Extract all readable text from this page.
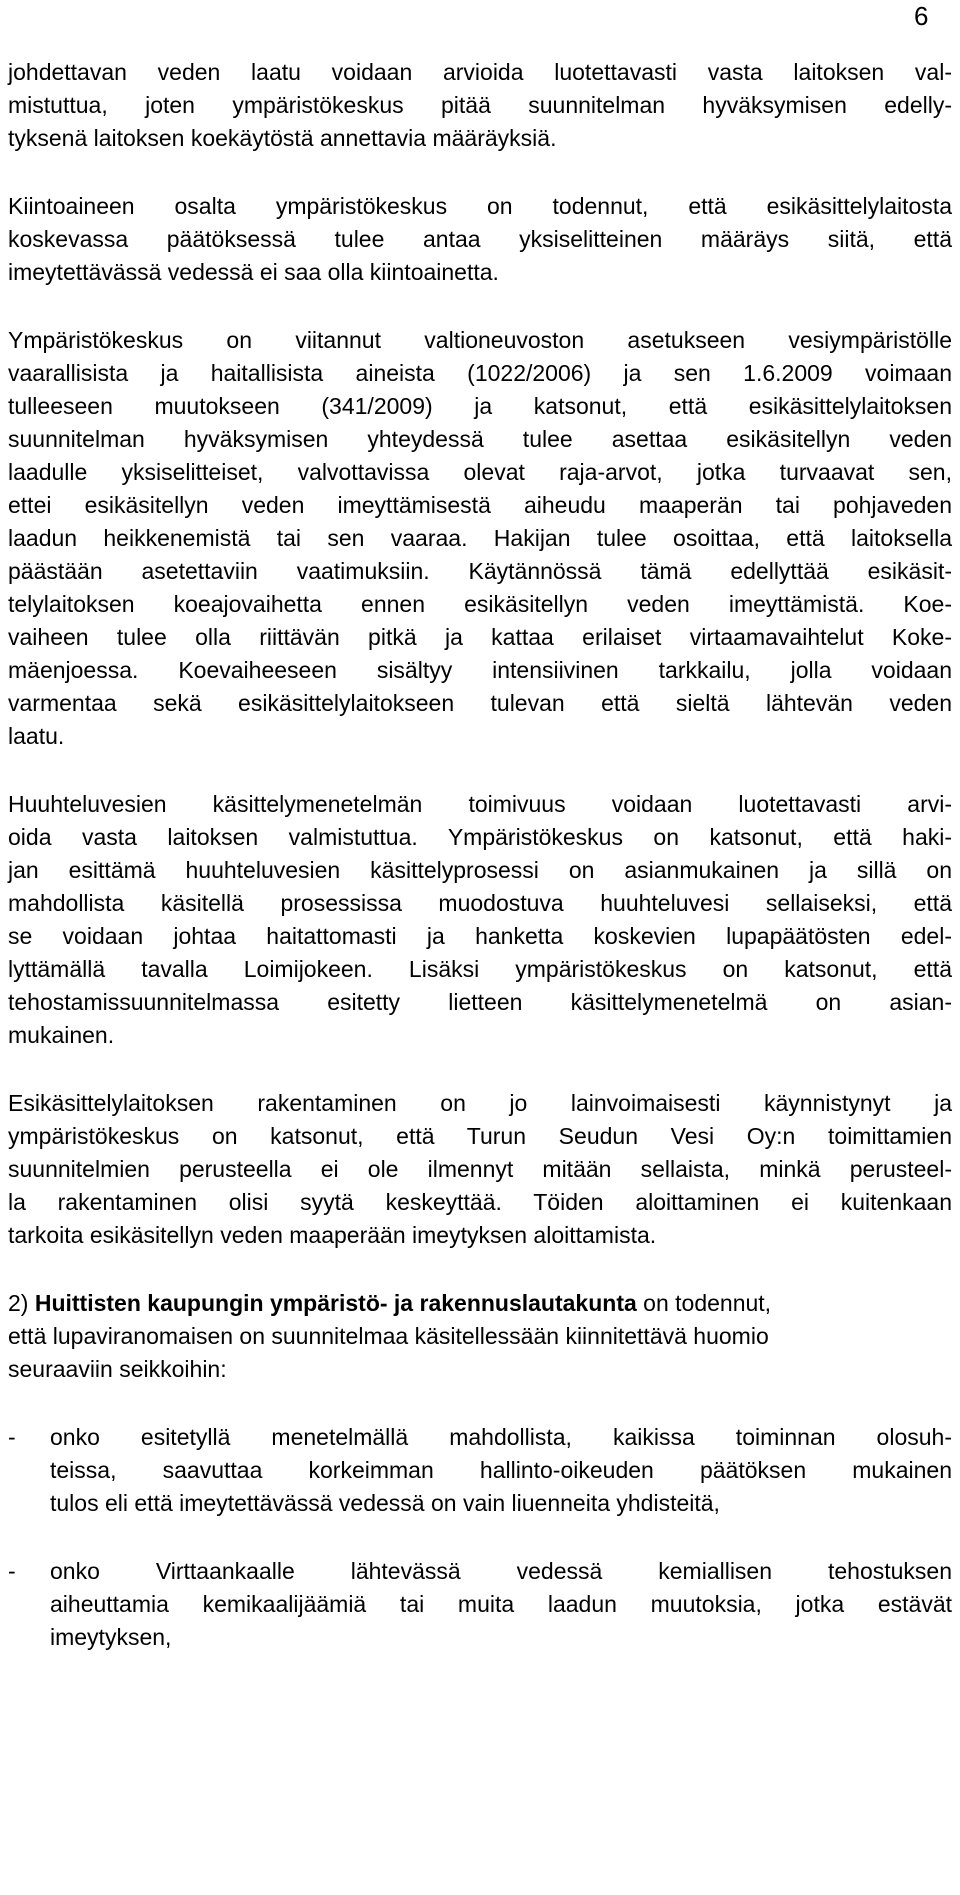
6

johdettavan veden laatu voidaan arvioida luotettavasti vasta laitoksen val-
mistuttua, joten ympäristökeskus pitää suunnitelman hyväksymisen edelly-
tyksenä laitoksen koekäytöstä annettavia määräyksiä.

Kiintoaineen osalta ympäristökeskus on todennut, että esikäsittelylaitosta
koskevassa päätöksessä tulee antaa yksiselitteinen määräys siitä, että
imeytettävässä vedessä ei saa olla kiintoainetta.

Ympäristökeskus on viitannut valtioneuvoston asetukseen vesiympäristölle
vaarallisista ja haitallisista aineista (1022/2006) ja sen 1.6.2009 voimaan
tulleeseen muutokseen (341/2009) ja katsonut, että esikäsittelylaitoksen
suunnitelman hyväksymisen yhteydessä tulee asettaa esikäsitellyn veden
laadulle yksiselitteiset, valvottavissa olevat raja-arvot, jotka turvaavat sen,
ettei esikäsitellyn veden imeyttämisestä aiheudu maaperän tai pohjaveden
laadun heikkenemistä tai sen vaaraa. Hakijan tulee osoittaa, että laitoksella
päästään asetettaviin vaatimuksiin. Käytännössä tämä edellyttää esikäsit-
telylaitoksen koeajovaihetta ennen esikäsitellyn veden imeyttämistä. Koe-
vaiheen tulee olla riittävän pitkä ja kattaa erilaiset virtaamavaihtelut Koke-
mäenjoessa. Koevaiheeseen sisältyy intensiivinen tarkkailu, jolla voidaan
varmentaa sekä esikäsittelylaitokseen tulevan että sieltä lähtevän veden
laatu.

Huuhteluvesien käsittelymenetelmän toimivuus voidaan luotettavasti arvi-
oida vasta laitoksen valmistuttua. Ympäristökeskus on katsonut, että haki-
jan esittämä huuhteluvesien käsittelyprosessi on asianmukainen ja sillä on
mahdollista käsitellä prosessissa muodostuva huuhteluvesi sellaiseksi, että
se voidaan johtaa haitattomasti ja hanketta koskevien lupapäätösten edel-
lyttämällä tavalla Loimijokeen. Lisäksi ympäristökeskus on katsonut, että
tehostamissuunnitelmassa esitetty lietteen käsittelymenetelmä on asian-
mukainen.

Esikäsittelylaitoksen rakentaminen on jo lainvoimaisesti käynnistynyt ja
ympäristökeskus on katsonut, että Turun Seudun Vesi Oy:n toimittamien
suunnitelmien perusteella ei ole ilmennyt mitään sellaista, minkä perusteel-
la rakentaminen olisi syytä keskeyttää. Töiden aloittaminen ei kuitenkaan
tarkoita esikäsitellyn veden maaperään imeytyksen aloittamista.

2) Huittisten kaupungin ympäristö- ja rakennuslautakunta on todennut,
että lupaviranomaisen on suunnitelmaa käsitellessään kiinnitettävä huomio
seuraaviin seikkoihin:

- onko esitetyllä menetelmällä mahdollista, kaikissa toiminnan olosuh-
teissa, saavuttaa korkeimman hallinto-oikeuden päätöksen mukainen
tulos eli että imeytettävässä vedessä on vain liuenneita yhdisteitä,
- onko Virttaankaalle lähtevässä vedessä kemiallisen tehostuksen
aiheuttamia kemikaalijäämiä tai muita laadun muutoksia, jotka estävät
imeytyksen,
